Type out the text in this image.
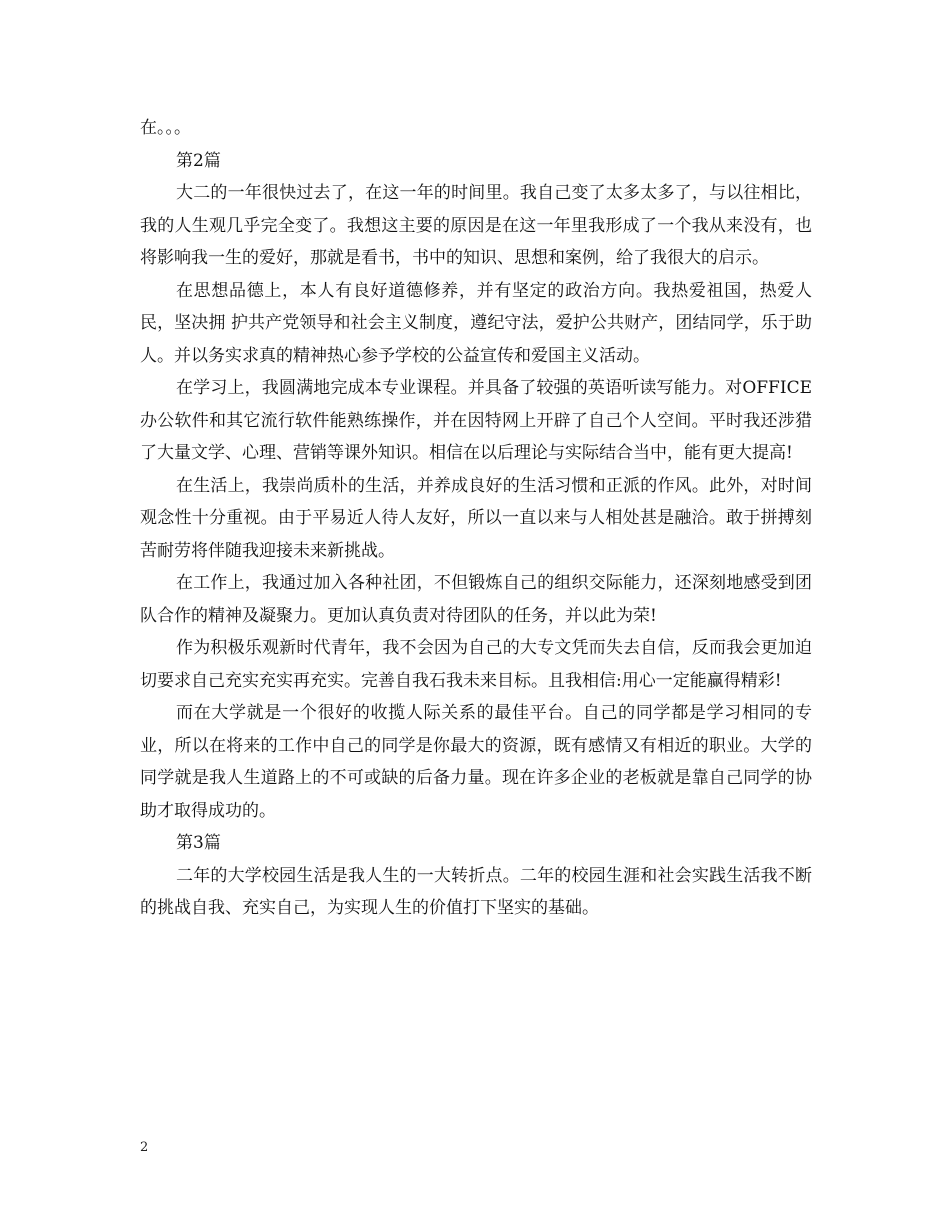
在。。。

第2篇

大二的一年很快过去了，在这一年的时间里。我自己变了太多太多了，与以往相比，我的人生观几乎完全变了。我想这主要的原因是在这一年里我形成了一个我从来没有，也将影响我一生的爱好，那就是看书，书中的知识、思想和案例，给了我很大的启示。

在思想品德上，本人有良好道德修养，并有坚定的政治方向。我热爱祖国，热爱人民，坚决拥 护共产党领导和社会主义制度，遵纪守法，爱护公共财产，团结同学，乐于助人。并以务实求真的精神热心参予学校的公益宣传和爱国主义活动。

在学习上，我圆满地完成本专业课程。并具备了较强的英语听读写能力。对OFFICE办公软件和其它流行软件能熟练操作，并在因特网上开辟了自己个人空间。平时我还涉猎了大量文学、心理、营销等课外知识。相信在以后理论与实际结合当中，能有更大提高!

在生活上，我崇尚质朴的生活，并养成良好的生活习惯和正派的作风。此外，对时间观念性十分重视。由于平易近人待人友好，所以一直以来与人相处甚是融洽。敢于拼搏刻苦耐劳将伴随我迎接未来新挑战。

在工作上，我通过加入各种社团，不但锻炼自己的组织交际能力，还深刻地感受到团队合作的精神及凝聚力。更加认真负责对待团队的任务，并以此为荣!

作为积极乐观新时代青年，我不会因为自己的大专文凭而失去自信，反而我会更加迫切要求自己充实充实再充实。完善自我石我未来目标。且我相信:用心一定能赢得精彩!

而在大学就是一个很好的收揽人际关系的最佳平台。自己的同学都是学习相同的专业，所以在将来的工作中自己的同学是你最大的资源，既有感情又有相近的职业。大学的同学就是我人生道路上的不可或缺的后备力量。现在许多企业的老板就是靠自己同学的协助才取得成功的。

第3篇

二年的大学校园生活是我人生的一大转折点。二年的校园生涯和社会实践生活我不断的挑战自我、充实自己，为实现人生的价值打下坚实的基础。

2
